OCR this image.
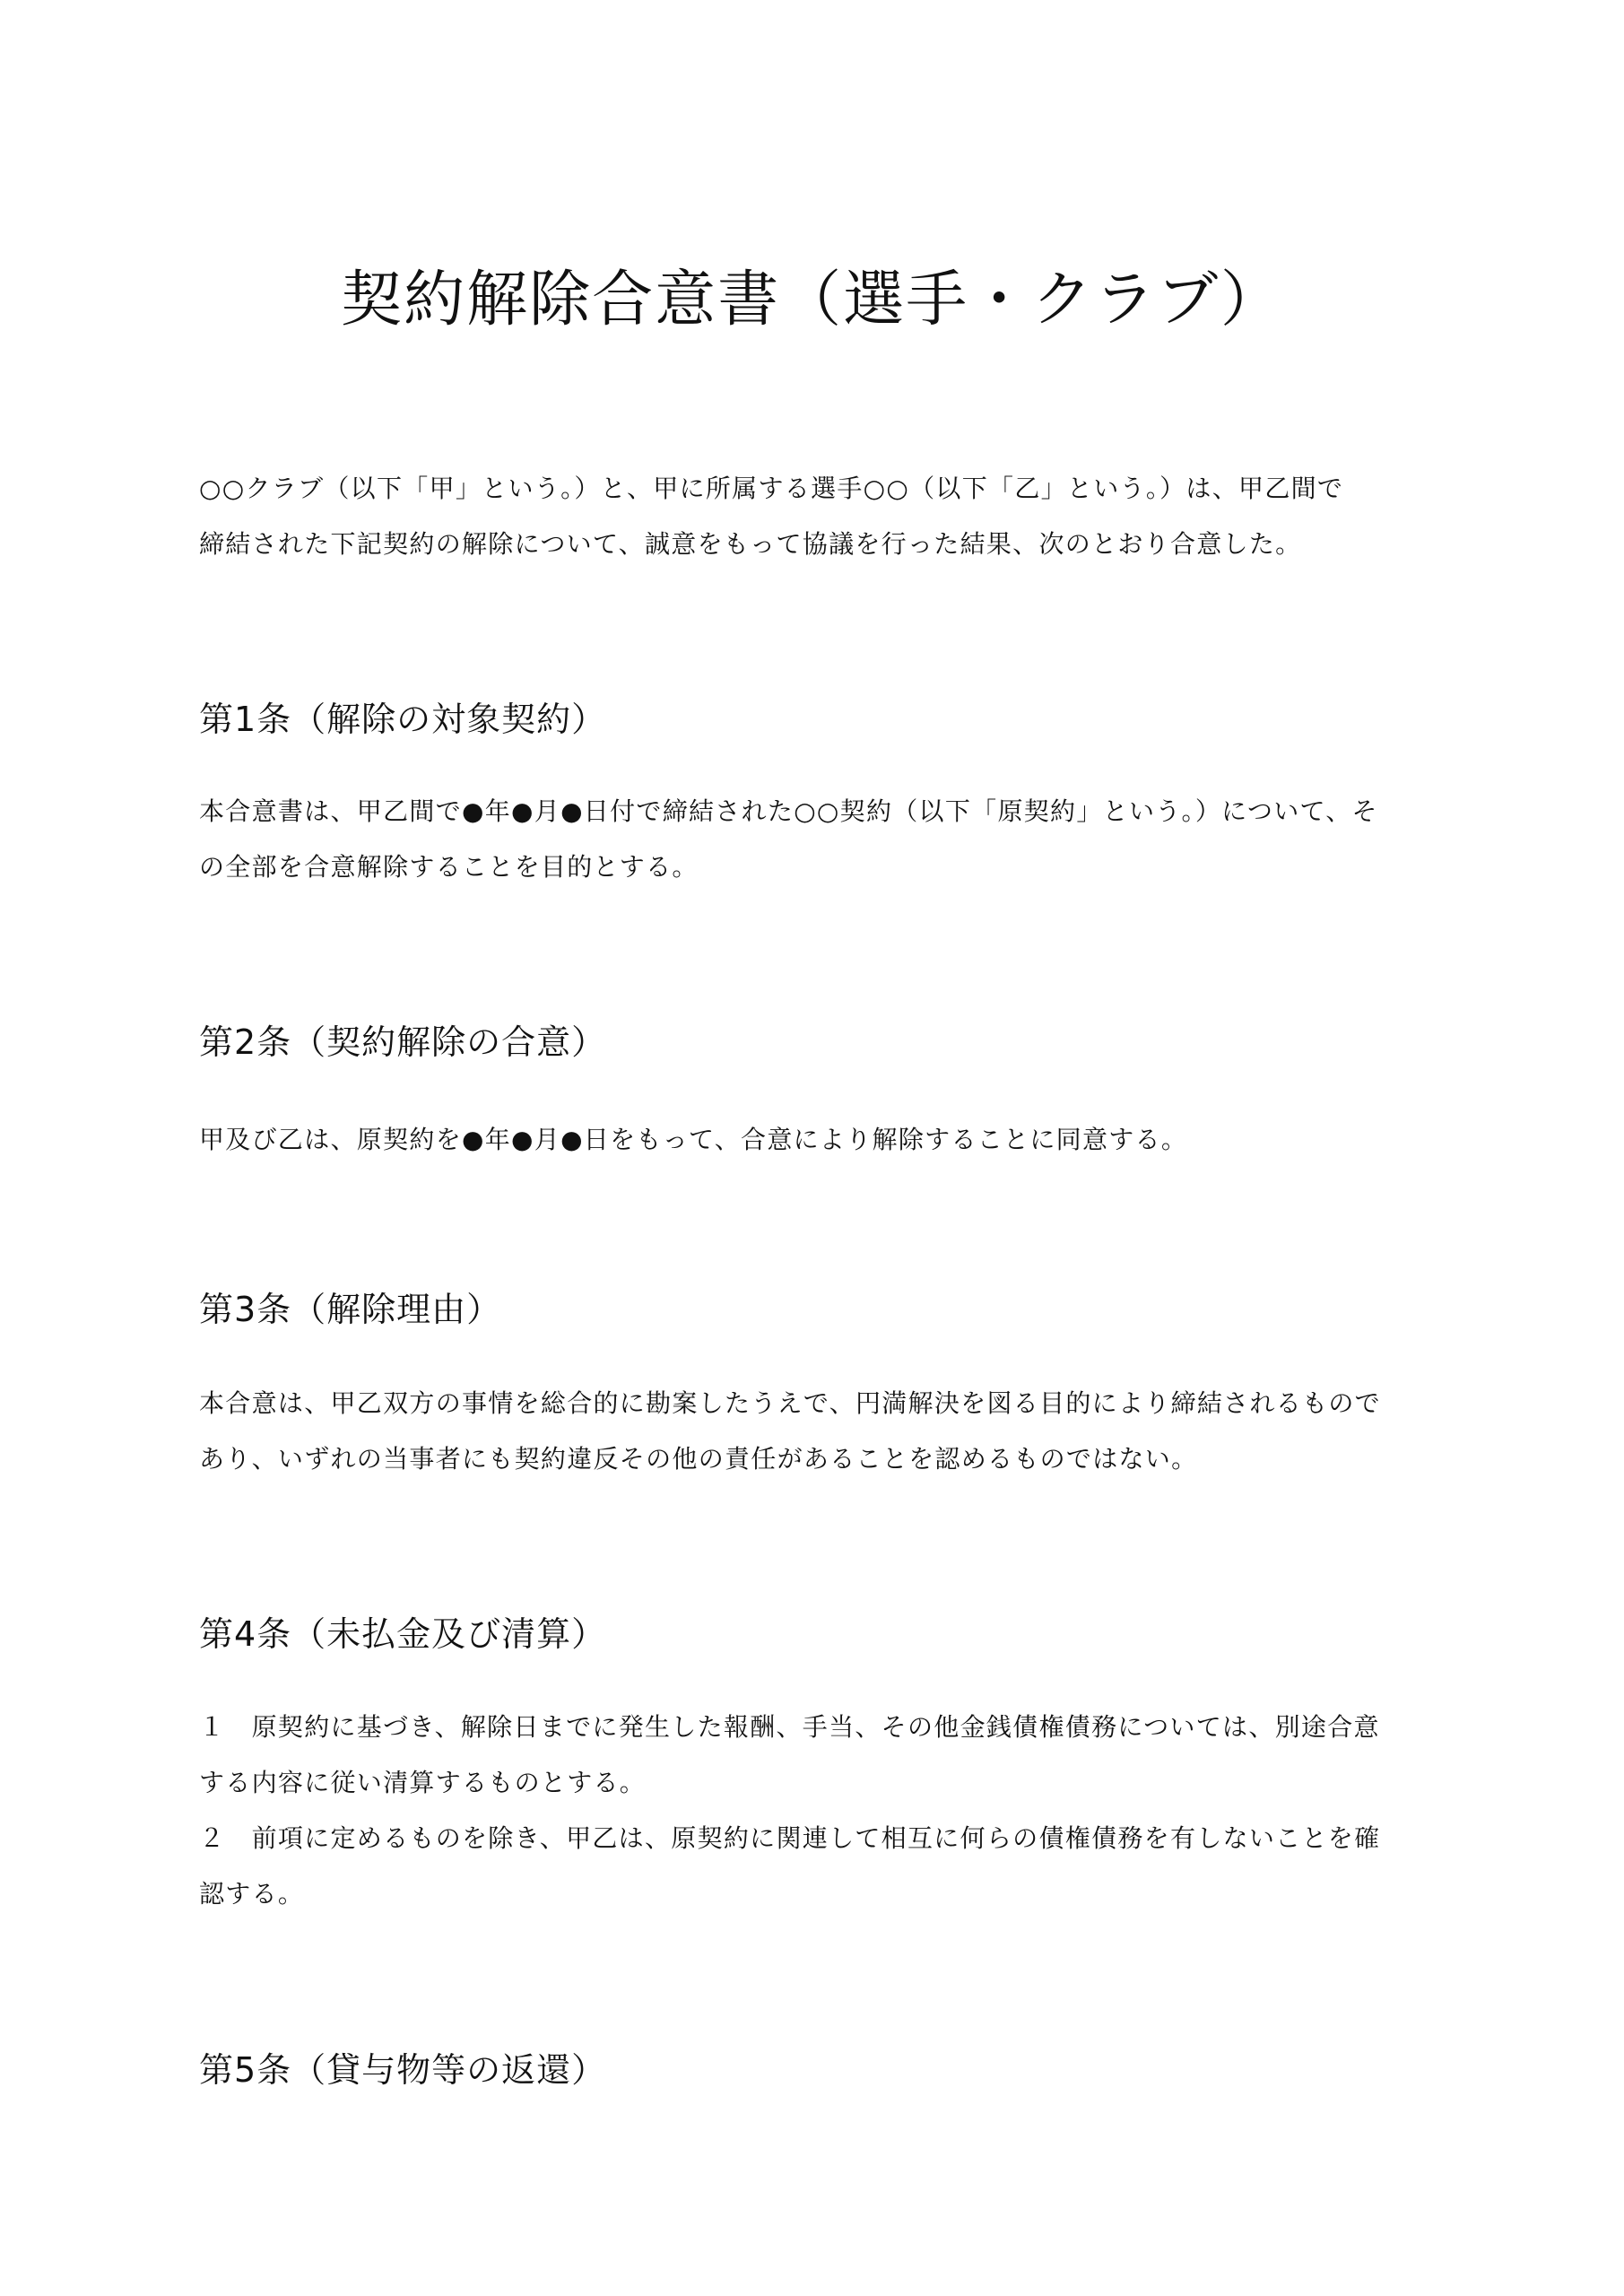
契約解除合意書（選手・クラブ）

○○クラブ（以下「甲」という。）と、甲に所属する選手○○（以下「乙」という。）は、甲乙間で

締結された下記契約の解除について、誠意をもって協議を行った結果、次のとおり合意した。

第1条（解除の対象契約）

本合意書は、甲乙間で●年●月●日付で締結された○○契約（以下「原契約」という。）について、そ

の全部を合意解除することを目的とする。

第2条（契約解除の合意）

甲及び乙は、原契約を●年●月●日をもって、合意により解除することに同意する。

第3条（解除理由）

本合意は、甲乙双方の事情を総合的に勘案したうえで、円満解決を図る目的により締結されるもので

あり、いずれの当事者にも契約違反その他の責任があることを認めるものではない。

第4条（未払金及び清算）

１　原契約に基づき、解除日までに発生した報酬、手当、その他金銭債権債務については、別途合意

する内容に従い清算するものとする。

２　前項に定めるものを除き、甲乙は、原契約に関連して相互に何らの債権債務を有しないことを確

認する。

第5条（貸与物等の返還）
